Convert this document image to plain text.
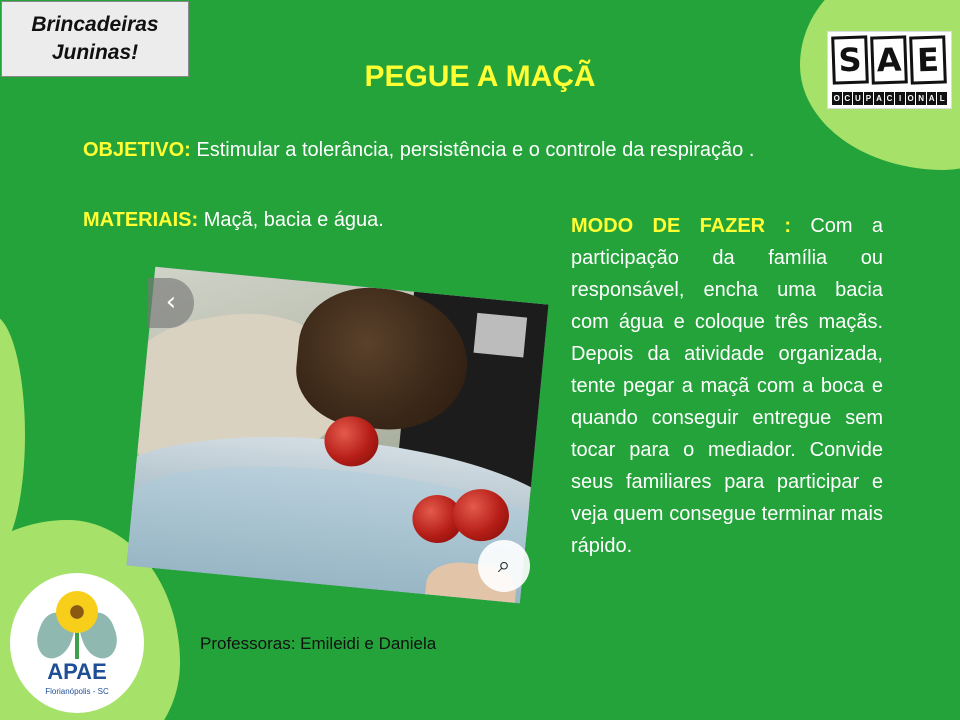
Brincadeiras
Juninas!
PEGUE A MAÇÃ	S A E
O C U P A C I O N A L

OBJETIVO: Estimular a tolerância, persistência e o controle da respiração .

MATERIAIS: Maçã, bacia e água.	MODO DE FAZER : Com a participação da família ou responsável, encha uma bacia com água e coloque três maçãs. Depois da atividade organizada, tente pegar a maçã com a boca e quando conseguir entregue sem tocar para o mediador. Convide seus familiares para participar e veja quem consegue terminar mais rápido.

‹
⌕
APAE
Florianópolis - SC
Professoras: Emileidi e Daniela
